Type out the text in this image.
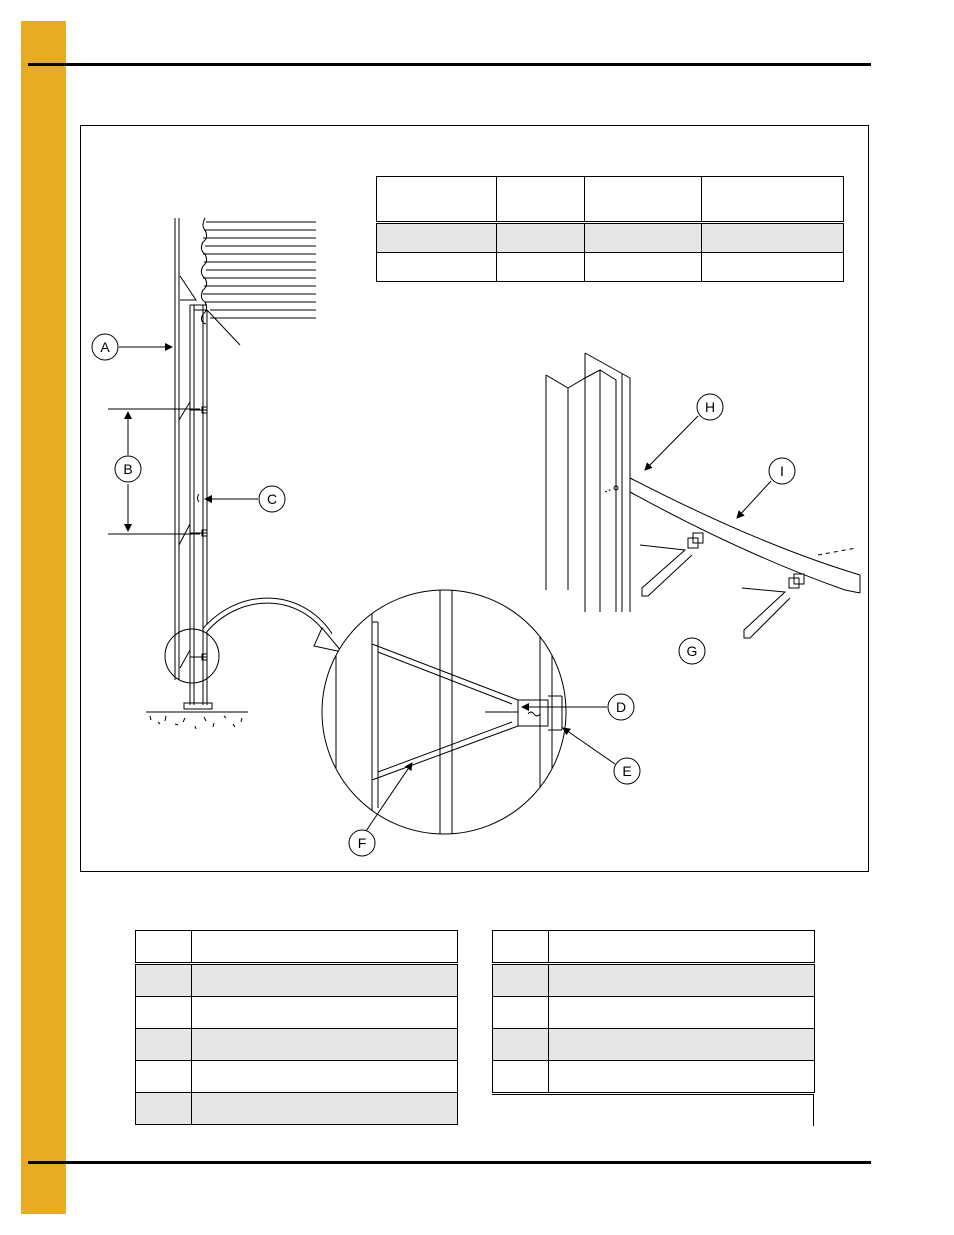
A
B
C
D
E
F
G
H
I
